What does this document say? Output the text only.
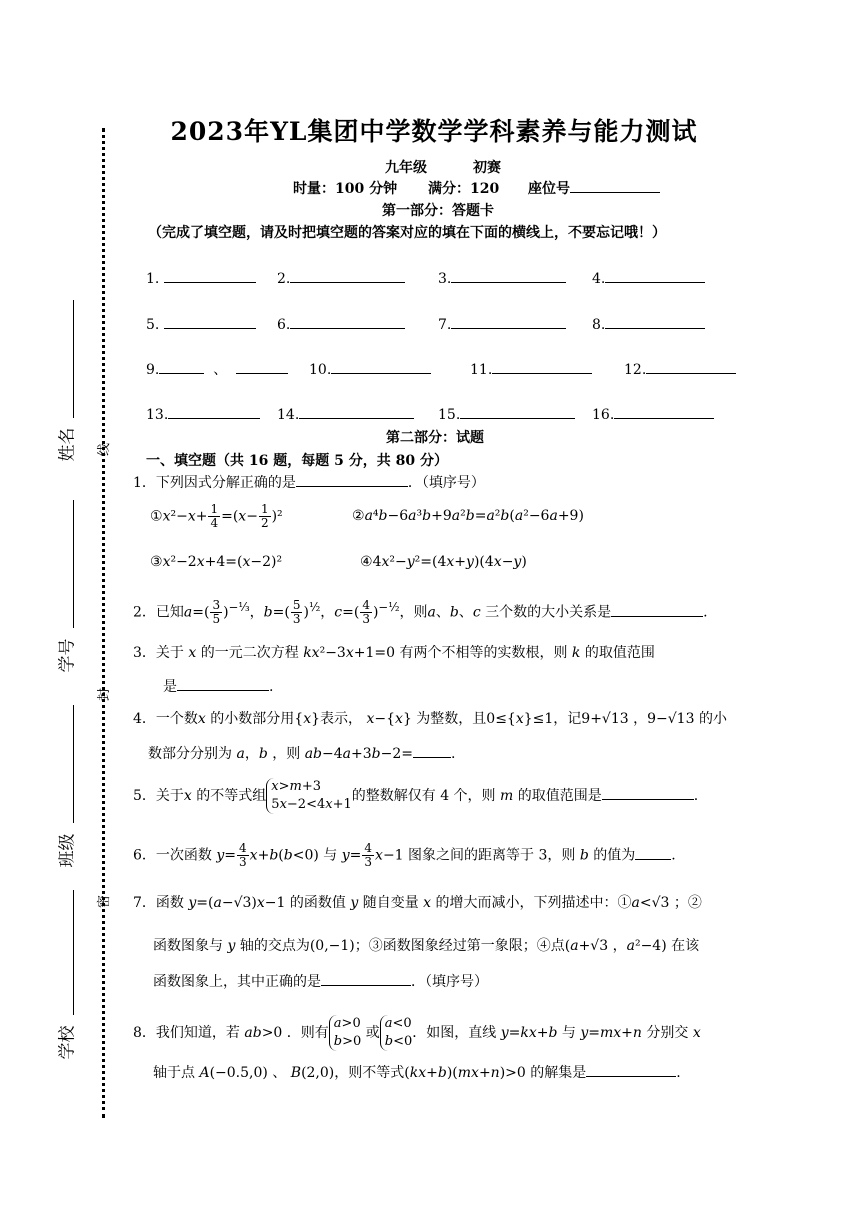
姓名
学号
班级
学校
线
封
密
2023年YL集团中学数学学科素养与能力测试
九年级	初赛
时量：100 分钟 满分：120 座位号
第一部分：答题卡
（完成了填空题，请及时把填空题的答案对应的填在下面的横线上，不要忘记哦！）
1.	2.	3.	4.
5.	6.	7.	8.
9.	、	10.	11.	12.
13.	14.	15.	16.
第二部分：试题
一、填空题（共 16 题，每题 5 分，共 80 分）
1．下列因式分解正确的是	．（填序号）
①x²−x+ $\frac{1}{4} =(x- \frac{1}{2} )^2$	②a⁴b−6a³b+9a²b=a²b(a²−6a+9)
③x²−2x+4=(x−2)²	④4x²−y²=(4x+y)(4x−y)
2．已知$a=( \frac{3}{5} )^{-\frac{1}{3}}$，$b=( \frac{5}{3} )^{\frac{1}{2}}$，$c=( \frac{4}{3} )^{-\frac{1}{2}}$，则a、b、c 三个数的大小关系是	.
3．关于 x 的一元二次方程 kx²−3x+1=0 有两个不相等的实数根，则 k 的取值范围
是	.
4．一个数x 的小数部分用{x}表示， x−{x} 为整数，且0≤{x}≤1，记9+√13 ，9−√13 的小
数部分分别为 a，b ，则 ab−4a+3b−2=	.
5．关于x 的不等式组x>m+3
5x−2<4x+1的整数解仅有 4 个，则 m 的取值范围是	.
6．一次函数 $y= \frac{4}{3} x+b(b<0)$ 与 $y= \frac{4}{3} x-1$ 图象之间的距离等于 3，则 b 的值为	.
7．函数 y=(a−√3)x−1 的函数值 y 随自变量 x 的增大而减小，下列描述中：①a<√3 ；②
函数图象与 y 轴的交点为(0,−1)；③函数图象经过第一象限；④点(a+√3 ，a²−4) 在该
函数图象上，其中正确的是	．（填序号）
8．我们知道，若 ab>0 ．则有a>0
b>0 或a<0
b<0．如图，直线 y=kx+b 与 y=mx+n 分别交 x
轴于点 A(−0.5,0) 、 B(2,0)，则不等式(kx+b)(mx+n)>0 的解集是	.
